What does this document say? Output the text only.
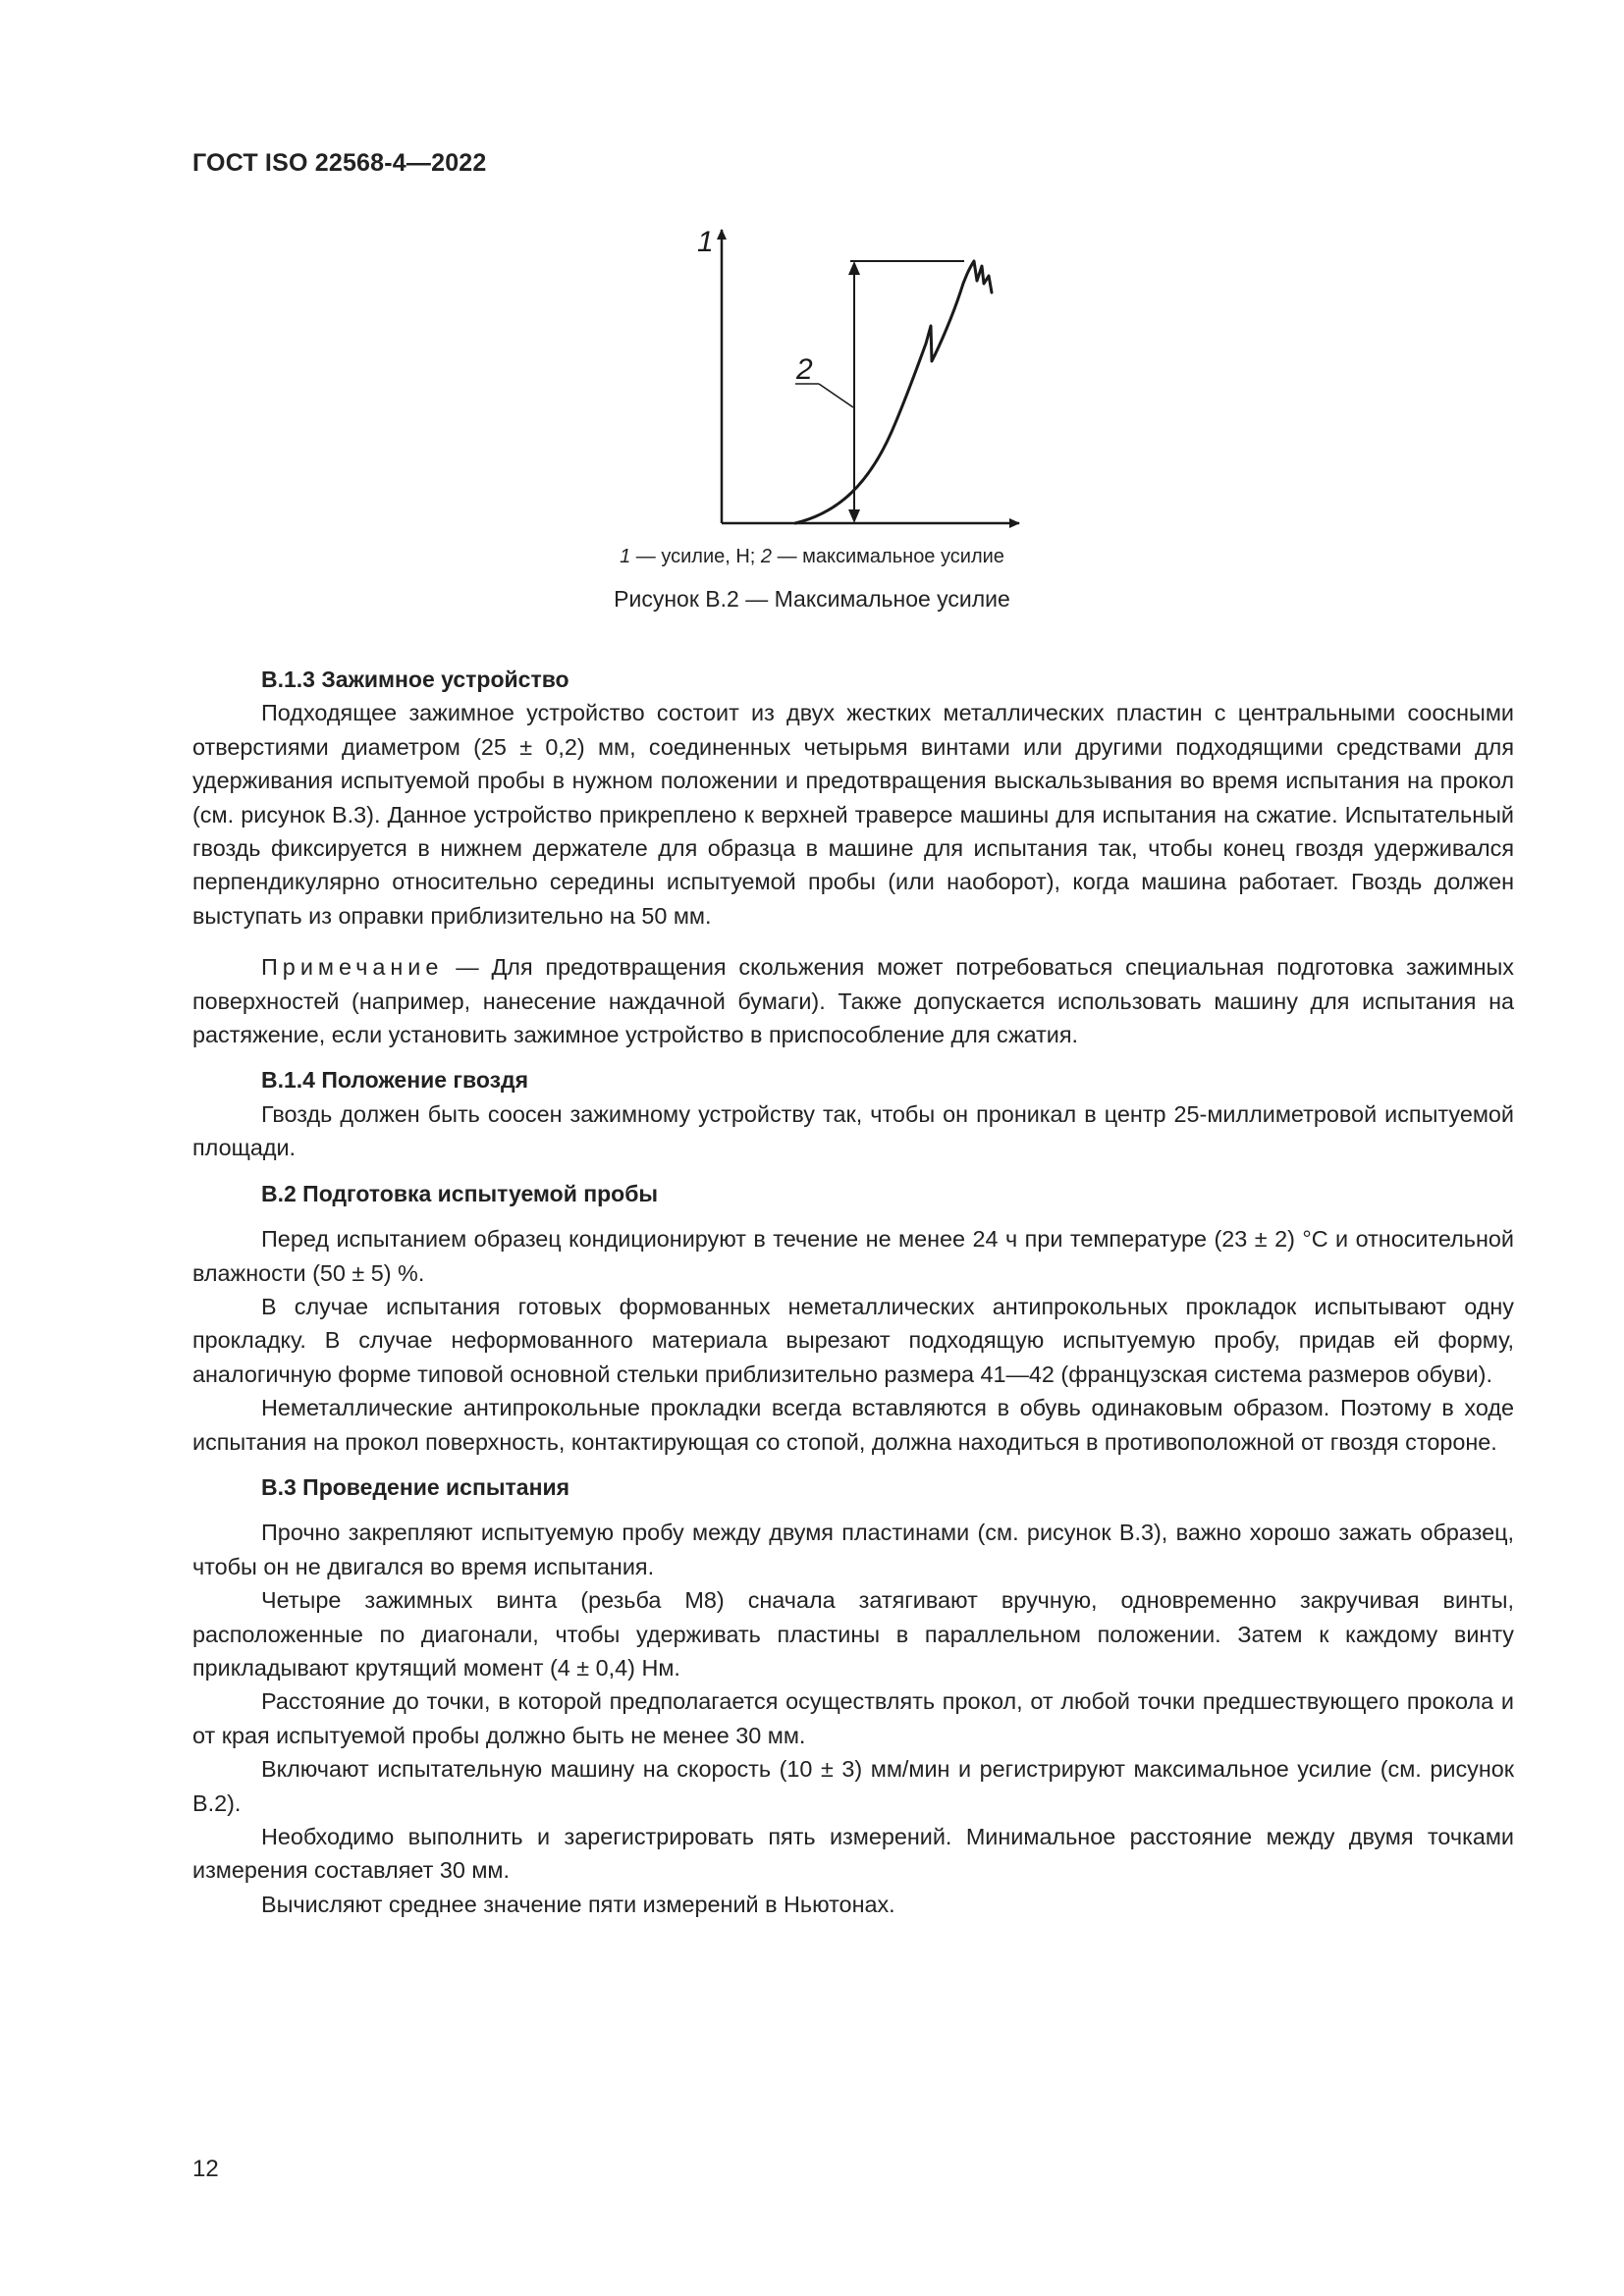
ГОСТ ISO 22568-4—2022
1
2
1 — усилие, Н; 2 — максимальное усилие
Рисунок B.2 — Максимальное усилие
B.1.3 Зажимное устройство

Подходящее зажимное устройство состоит из двух жестких металлических пластин с центральными соосными отверстиями диаметром (25 ± 0,2) мм, соединенных четырьмя винтами или другими подходящими средствами для удерживания испытуемой пробы в нужном положении и предотвращения выскальзывания во время испытания на прокол (см. рисунок B.3). Данное устройство прикреплено к верхней траверсе машины для испытания на сжатие. Испытательный гвоздь фиксируется в нижнем держателе для образца в машине для испытания так, чтобы конец гвоздя удерживался перпендикулярно относительно середины испытуемой пробы (или наоборот), когда машина работает. Гвоздь должен выступать из оправки приблизительно на 50 мм.

Примечание — Для предотвращения скольжения может потребоваться специальная подготовка зажимных поверхностей (например, нанесение наждачной бумаги). Также допускается использовать машину для испытания на растяжение, если установить зажимное устройство в приспособление для сжатия.

B.1.4 Положение гвоздя

Гвоздь должен быть соосен зажимному устройству так, чтобы он проникал в центр 25-миллиметровой испытуемой площади.

B.2 Подготовка испытуемой пробы

Перед испытанием образец кондиционируют в течение не менее 24 ч при температуре (23 ± 2) °С и относительной влажности (50 ± 5) %.

В случае испытания готовых формованных неметаллических антипрокольных прокладок испытывают одну прокладку. В случае неформованного материала вырезают подходящую испытуемую пробу, придав ей форму, аналогичную форме типовой основной стельки приблизительно размера 41—42 (французская система размеров обуви).

Неметаллические антипрокольные прокладки всегда вставляются в обувь одинаковым образом. Поэтому в ходе испытания на прокол поверхность, контактирующая со стопой, должна находиться в противоположной от гвоздя стороне.

B.3 Проведение испытания

Прочно закрепляют испытуемую пробу между двумя пластинами (см. рисунок B.3), важно хорошо зажать образец, чтобы он не двигался во время испытания.

Четыре зажимных винта (резьба М8) сначала затягивают вручную, одновременно закручивая винты, расположенные по диагонали, чтобы удерживать пластины в параллельном положении. Затем к каждому винту прикладывают крутящий момент (4 ± 0,4) Нм.

Расстояние до точки, в которой предполагается осуществлять прокол, от любой точки предшествующего прокола и от края испытуемой пробы должно быть не менее 30 мм.

Включают испытательную машину на скорость (10 ± 3) мм/мин и регистрируют максимальное усилие (см. рисунок B.2).

Необходимо выполнить и зарегистрировать пять измерений. Минимальное расстояние между двумя точками измерения составляет 30 мм.

Вычисляют среднее значение пяти измерений в Ньютонах.

12
